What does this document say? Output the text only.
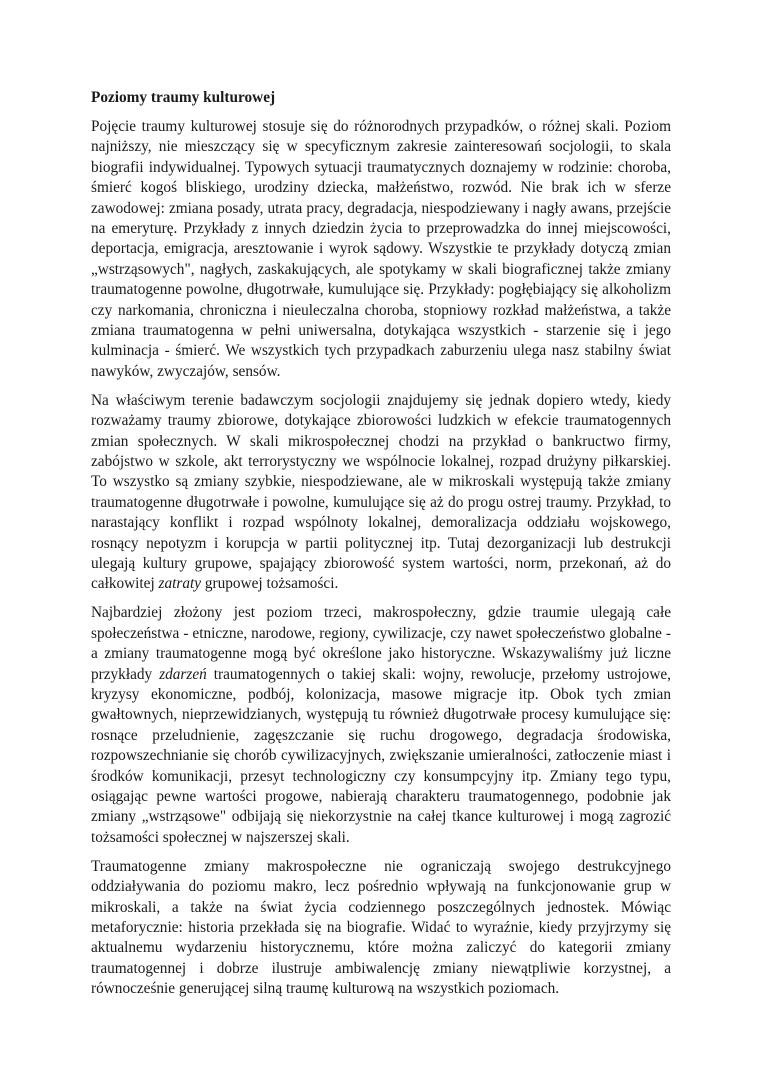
Poziomy traumy kulturowej

Pojęcie traumy kulturowej stosuje się do różnorodnych przypadków, o różnej skali. Poziom najniższy, nie mieszczący się w specyficznym zakresie zainteresowań socjologii, to skala biografii indywidualnej. Typowych sytuacji traumatycznych doznajemy w rodzinie: choroba, śmierć kogoś bliskiego, urodziny dziecka, małżeństwo, rozwód. Nie brak ich w sferze zawodowej: zmiana posady, utrata pracy, degradacja, niespodziewany i nagły awans, przejście na emeryturę. Przykłady z innych dziedzin życia to przeprowadzka do innej miejscowości, deportacja, emigracja, aresztowanie i wyrok sądowy. Wszystkie te przykłady dotyczą zmian „wstrząsowych", nagłych, zaskakujących, ale spotykamy w skali biograficznej także zmiany traumatogenne powolne, długotrwałe, kumulujące się. Przykłady: pogłębiający się alkoholizm czy narkomania, chroniczna i nieuleczalna choroba, stopniowy rozkład małżeństwa, a także zmiana traumatogenna w pełni uniwersalna, dotykająca wszystkich - starzenie się i jego kulminacja - śmierć. We wszystkich tych przypadkach zaburzeniu ulega nasz stabilny świat nawyków, zwyczajów, sensów.

Na właściwym terenie badawczym socjologii znajdujemy się jednak dopiero wtedy, kiedy rozważamy traumy zbiorowe, dotykające zbiorowości ludzkich w efekcie traumatogennych zmian społecznych. W skali mikrospołecznej chodzi na przykład o bankructwo firmy, zabójstwo w szkole, akt terrorystyczny we wspólnocie lokalnej, rozpad drużyny piłkarskiej. To wszystko są zmiany szybkie, niespodziewane, ale w mikroskali występują także zmiany traumatogenne długotrwałe i powolne, kumulujące się aż do progu ostrej traumy. Przykład, to narastający konflikt i rozpad wspólnoty lokalnej, demoralizacja oddziału wojskowego, rosnący nepotyzm i korupcja w partii politycznej itp. Tutaj dezorganizacji lub destrukcji ulegają kultury grupowe, spajający zbiorowość system wartości, norm, przekonań, aż do całkowitej zatraty grupowej tożsamości.

Najbardziej złożony jest poziom trzeci, makrospołeczny, gdzie traumie ulegają całe społeczeństwa - etniczne, narodowe, regiony, cywilizacje, czy nawet społeczeństwo globalne - a zmiany traumatogenne mogą być określone jako historyczne. Wskazywaliśmy już liczne przykłady zdarzeń traumatogennych o takiej skali: wojny, rewolucje, przełomy ustrojowe, kryzysy ekonomiczne, podbój, kolonizacja, masowe migracje itp. Obok tych zmian gwałtownych, nieprzewidzianych, występują tu również długotrwałe procesy kumulujące się: rosnące przeludnienie, zagęszczanie się ruchu drogowego, degradacja środowiska, rozpowszechnianie się chorób cywilizacyjnych, zwiększanie umieralności, zatłoczenie miast i środków komunikacji, przesyt technologiczny czy konsumpcyjny itp. Zmiany tego typu, osiągając pewne wartości progowe, nabierają charakteru traumatogennego, podobnie jak zmiany „wstrząsowe" odbijają się niekorzystnie na całej tkance kulturowej i mogą zagrozić tożsamości społecznej w najszerszej skali.

Traumatogenne zmiany makrospołeczne nie ograniczają swojego destrukcyjnego oddziaływania do poziomu makro, lecz pośrednio wpływają na funkcjonowanie grup w mikroskali, a także na świat życia codziennego poszczególnych jednostek. Mówiąc metaforycznie: historia przekłada się na biografie. Widać to wyraźnie, kiedy przyjrzymy się aktualnemu wydarzeniu historycznemu, które można zaliczyć do kategorii zmiany traumatogennej i dobrze ilustruje ambiwalencję zmiany niewątpliwie korzystnej, a równocześnie generującej silną traumę kulturową na wszystkich poziomach.
